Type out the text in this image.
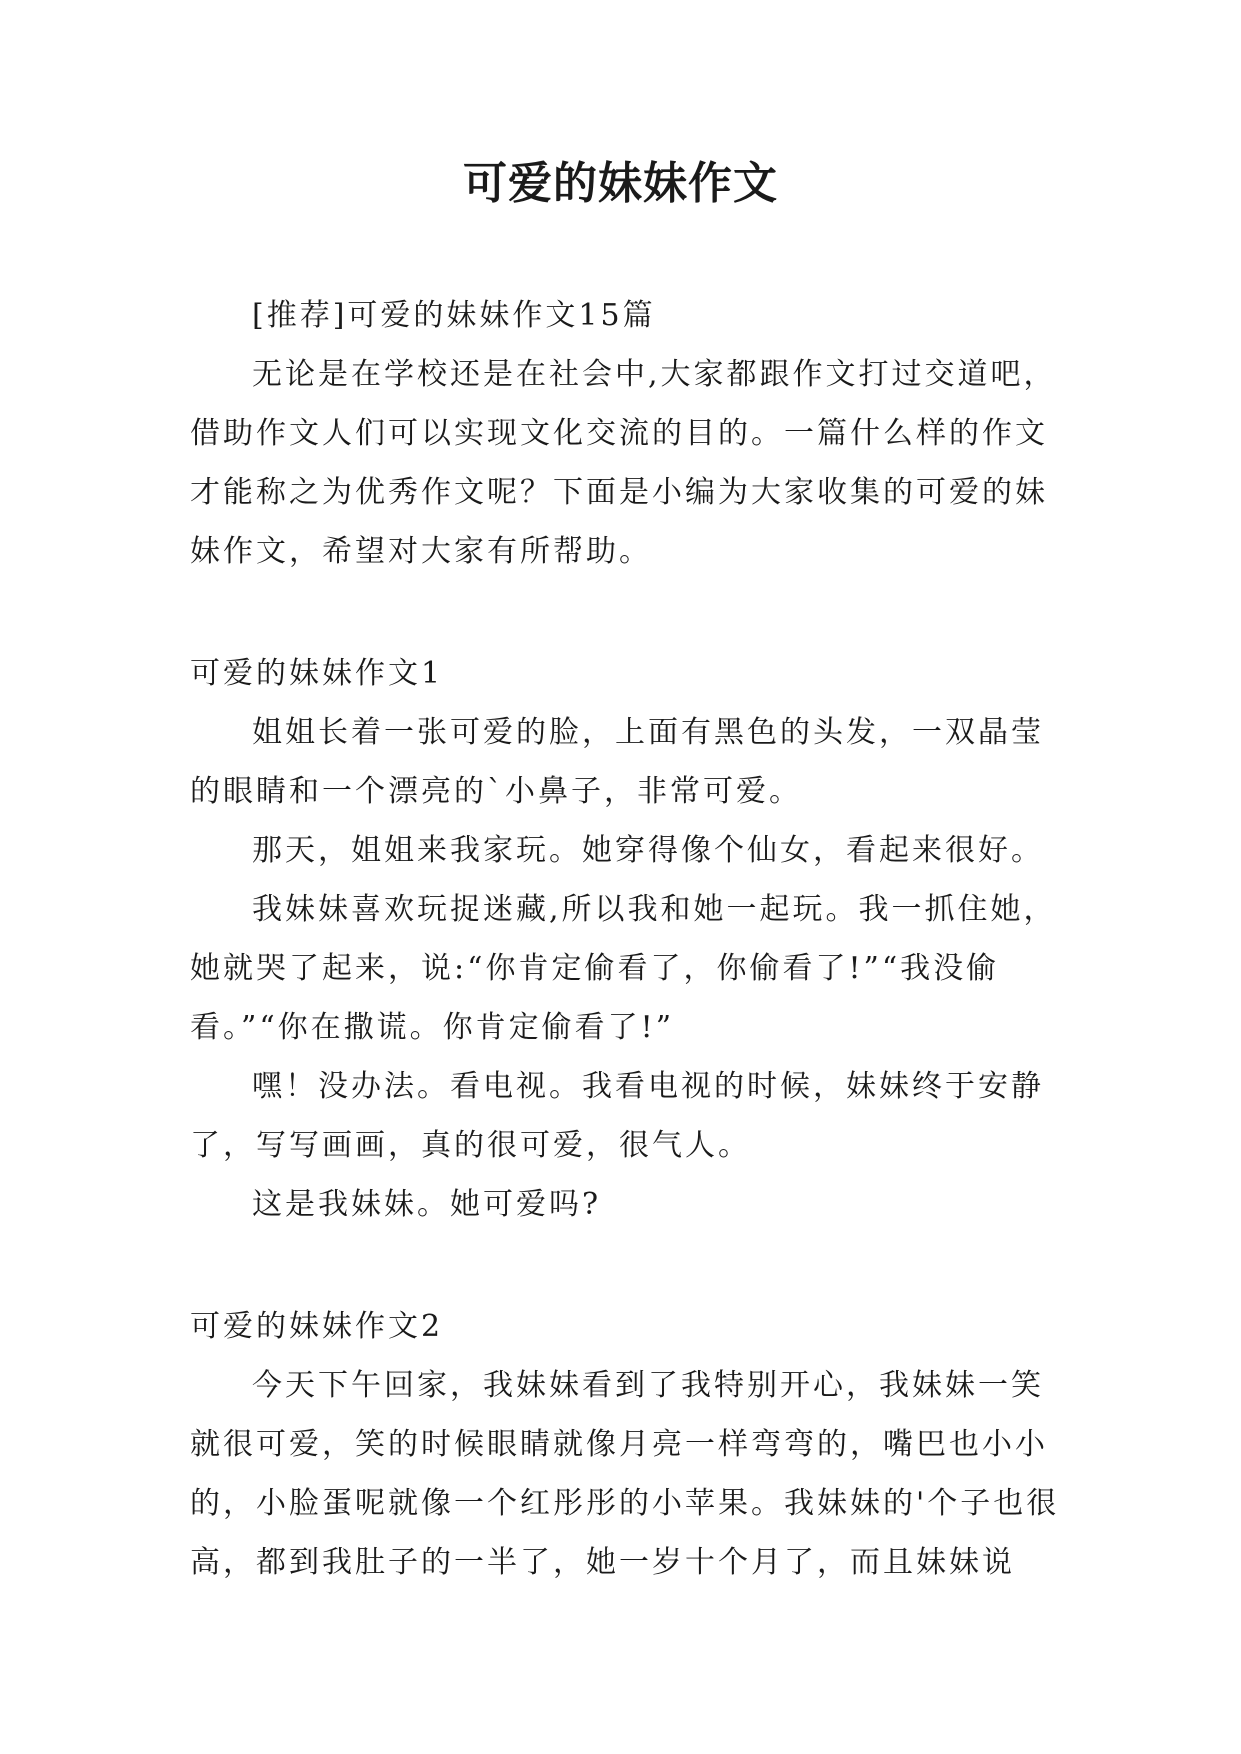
可爱的妹妹作文

[推荐]可爱的妹妹作文15篇

无论是在学校还是在社会中,大家都跟作文打过交道吧，借助作文人们可以实现文化交流的目的。一篇什么样的作文才能称之为优秀作文呢？下面是小编为大家收集的可爱的妹妹作文，希望对大家有所帮助。

可爱的妹妹作文1

姐姐长着一张可爱的脸，上面有黑色的头发，一双晶莹的眼睛和一个漂亮的`小鼻子，非常可爱。

那天，姐姐来我家玩。她穿得像个仙女，看起来很好。

我妹妹喜欢玩捉迷藏,所以我和她一起玩。我一抓住她，她就哭了起来，说:“你肯定偷看了，你偷看了!”“我没偷看。”“你在撒谎。你肯定偷看了!”

嘿！没办法。看电视。我看电视的时候，妹妹终于安静了，写写画画，真的很可爱，很气人。

这是我妹妹。她可爱吗?

可爱的妹妹作文2

今天下午回家，我妹妹看到了我特别开心，我妹妹一笑就很可爱，笑的时候眼睛就像月亮一样弯弯的，嘴巴也小小的，小脸蛋呢就像一个红彤彤的小苹果。我妹妹的'个子也很高，都到我肚子的一半了，她一岁十个月了，而且妹妹说
